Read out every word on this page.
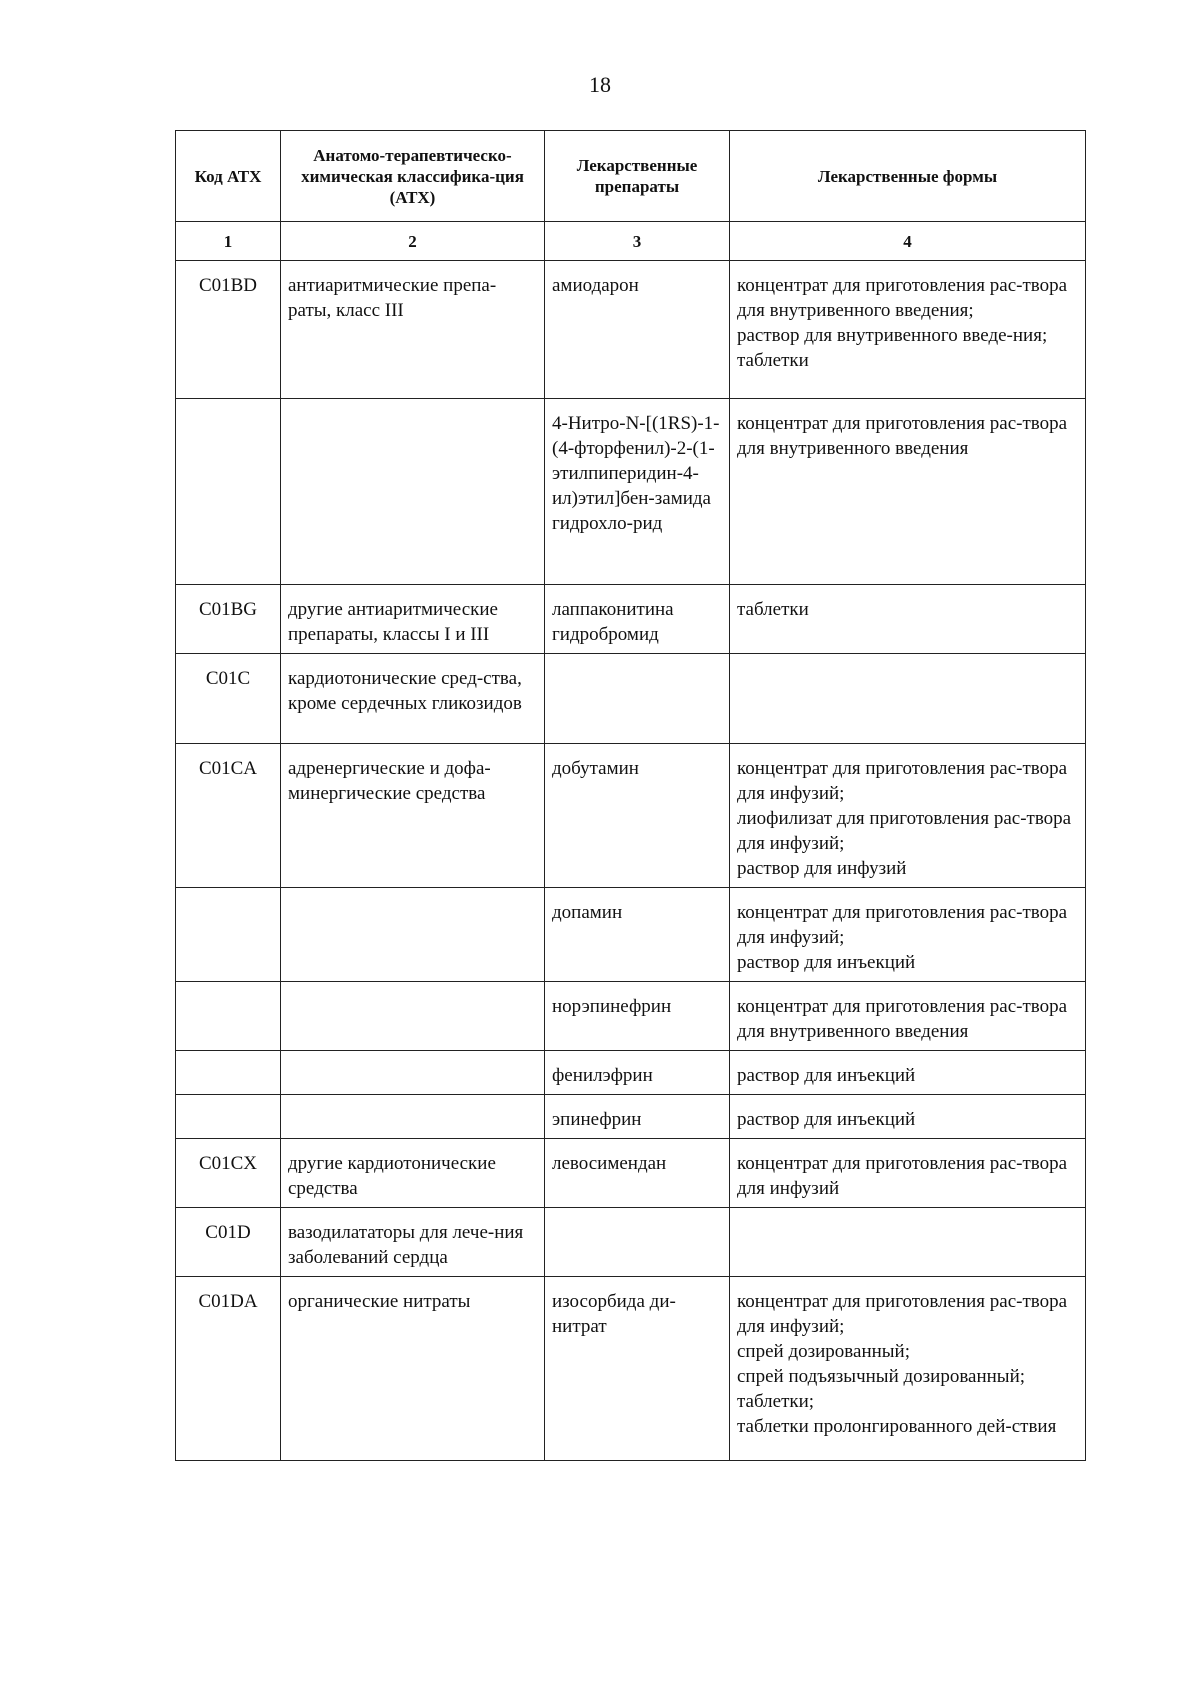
18
Код АТХ	Анатомо-терапевтическо-химическая классифика-ция (АТХ)	Лекарственные препараты	Лекарственные формы
1	2	3	4
C01BD	антиаритмические препа-раты, класс III	амиодарон	концентрат для приготовления рас-твора для внутривенного введения;
раствор для внутривенного введе-ния;
таблетки

		4-Нитро-N-[(1RS)-1-(4-фторфенил)-2-(1-этилпиперидин-4-ил)этил]бен-замида гидрохло-рид	концентрат для приготовления рас-твора для внутривенного введения

C01BG	другие антиаритмические препараты, классы I и III	лаппаконитина гидробромид	таблетки

C01C	кардиотонические сред-ства, кроме сердечных гликозидов		
C01CA	адренергические и дофа-минергические средства	добутамин	концентрат для приготовления рас-твора для инфузий;
лиофилизат для приготовления рас-твора для инфузий;
раствор для инфузий

		допамин	концентрат для приготовления рас-твора для инфузий;
раствор для инъекций

		норэпинефрин	концентрат для приготовления рас-твора для внутривенного введения

		фенилэфрин	раствор для инъекций

		эпинефрин	раствор для инъекций

C01CX	другие кардиотонические средства	левосимендан	концентрат для приготовления рас-твора для инфузий

C01D	вазодилататоры для лече-ния заболеваний сердца		
C01DA	органические нитраты	изосорбида ди-нитрат	концентрат для приготовления рас-твора для инфузий;
спрей дозированный;
спрей подъязычный дозированный;
таблетки;
таблетки пролонгированного дей-ствия
